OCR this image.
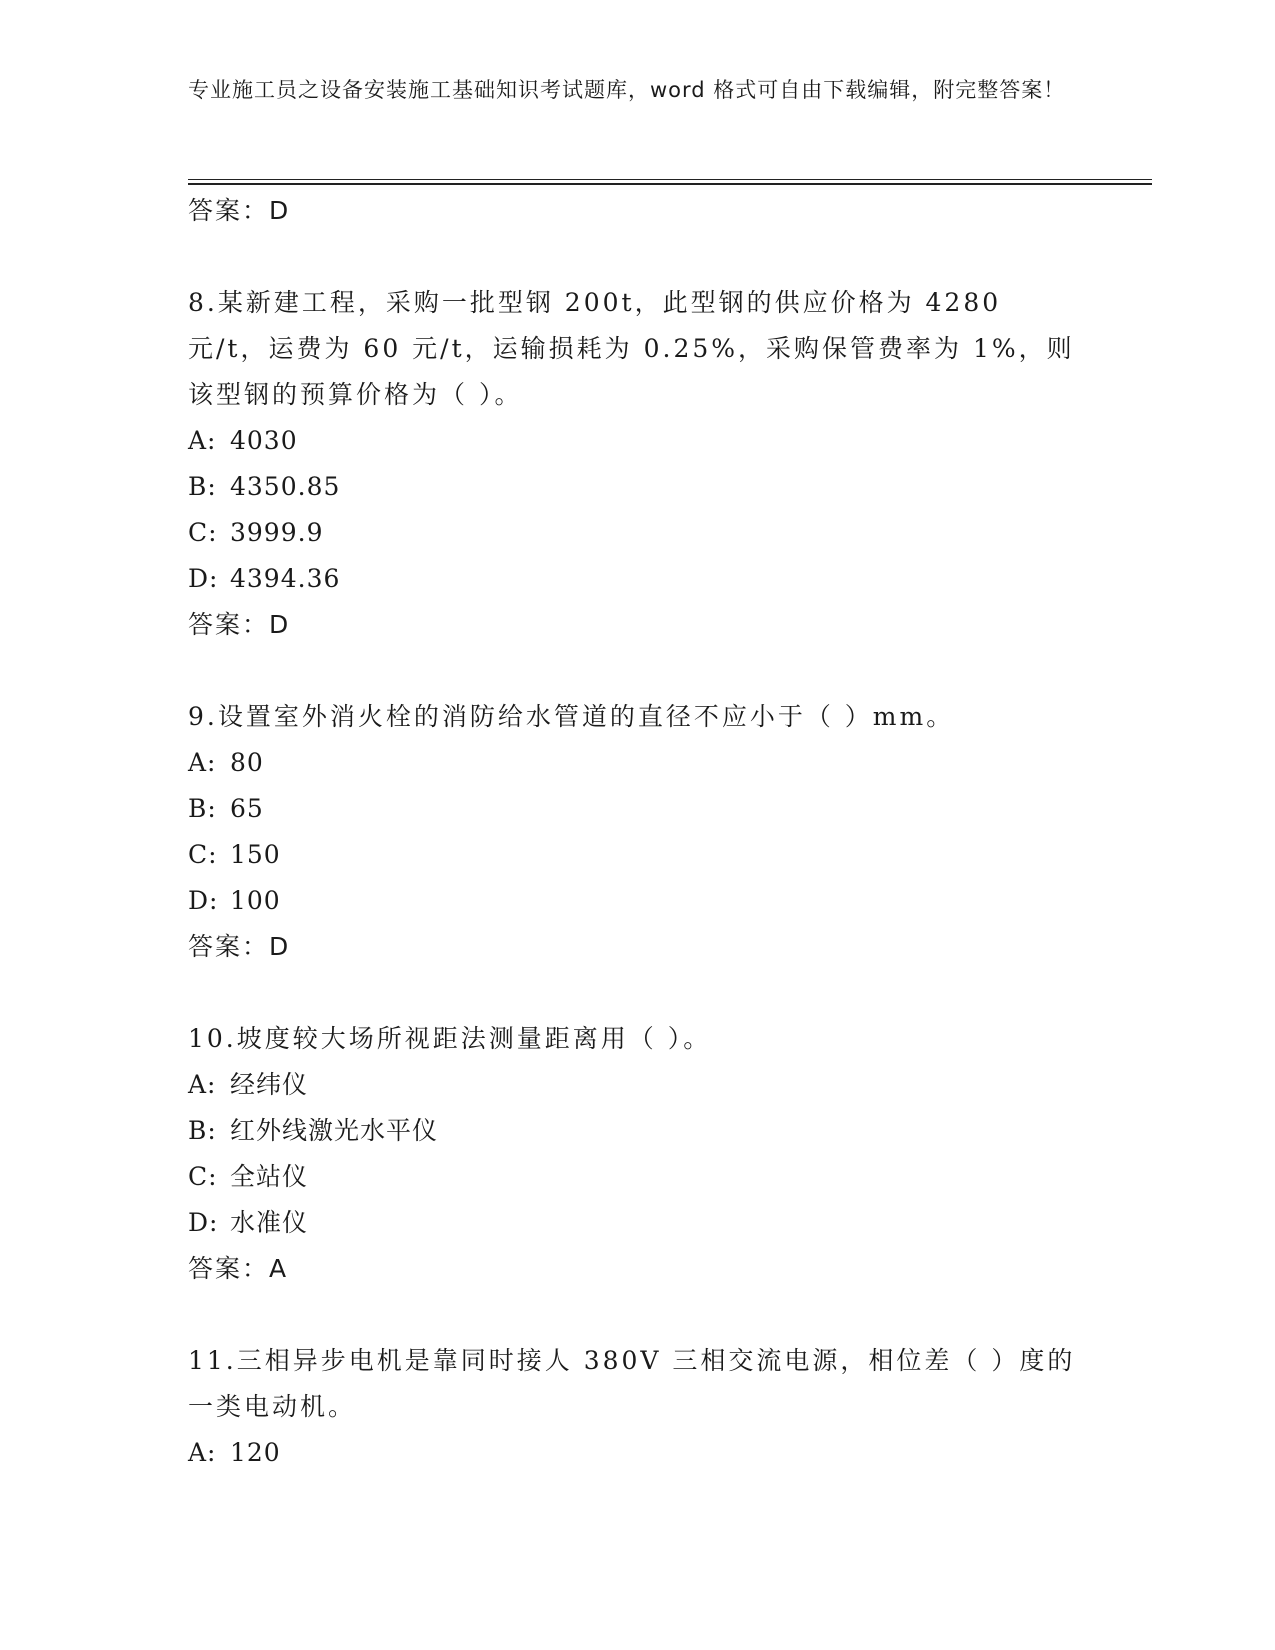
专业施工员之设备安装施工基础知识考试题库，word 格式可自由下载编辑，附完整答案！
答案：D
8.某新建工程，采购一批型钢 200t，此型钢的供应价格为 4280 元/t，运费为 60 元/t，运输损耗为 0.25%，采购保管费率为 1%，则该型钢的预算价格为（ ）。
A: 4030
B: 4350.85
C: 3999.9
D: 4394.36
答案：D
9.设置室外消火栓的消防给水管道的直径不应小于（ ）mm。
A: 80
B: 65
C: 150
D: 100
答案：D
10.坡度较大场所视距法测量距离用（ ）。
A: 经纬仪
B: 红外线激光水平仪
C: 全站仪
D: 水准仪
答案：A
11.三相异步电机是靠同时接人 380V 三相交流电源，相位差（ ）度的一类电动机。
A: 120
